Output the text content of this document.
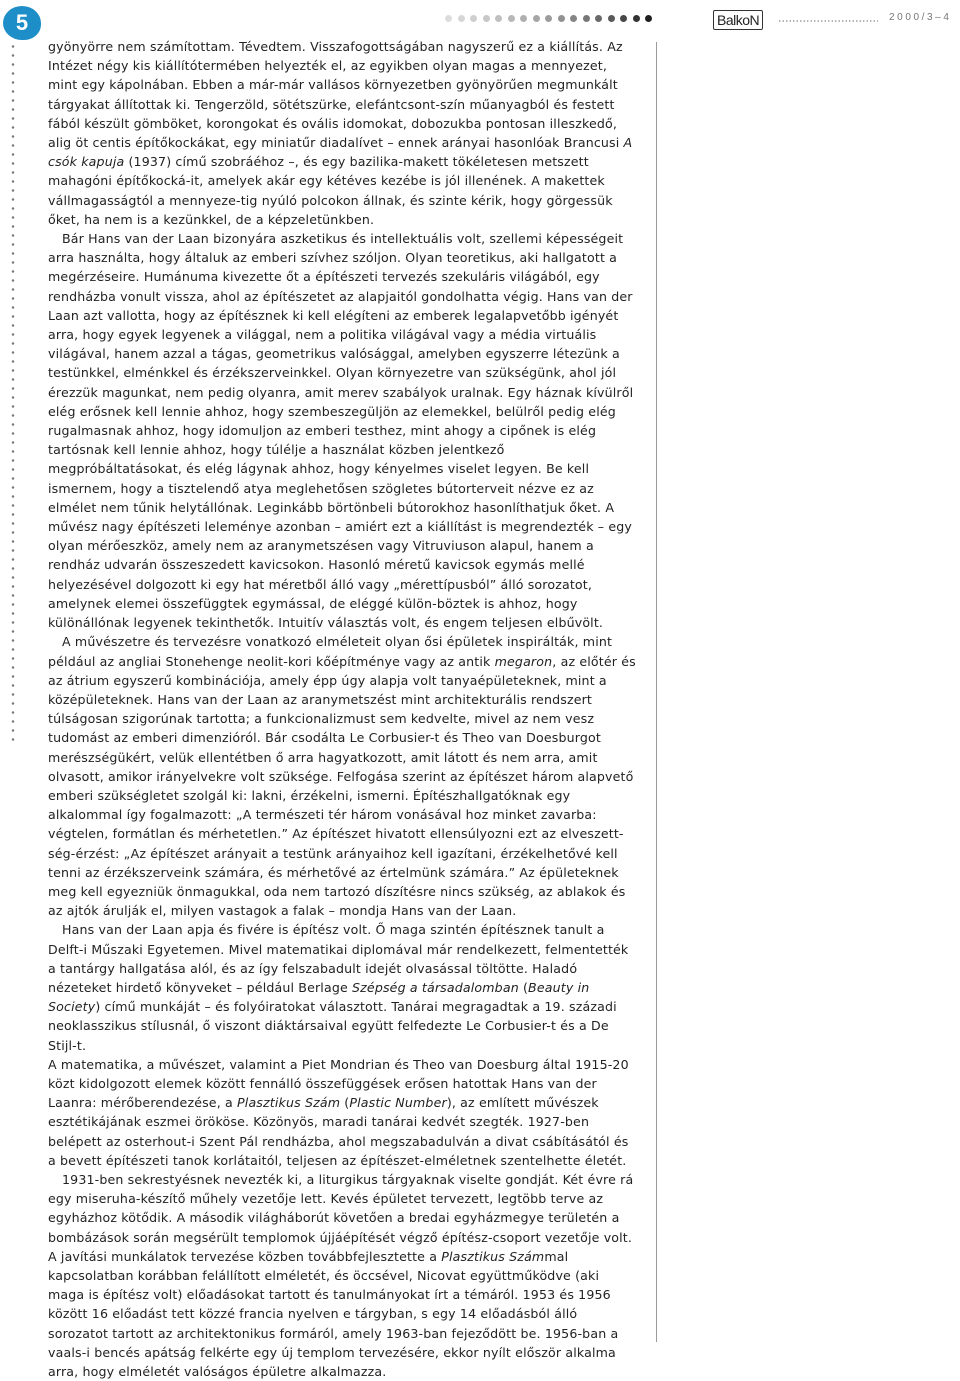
5	BalkoN	2000/3–4

gyönyörre nem számítottam. Tévedtem. Visszafogottságában nagyszerű ez a kiállítás. Az Intézet négy kis kiállítótermében helyezték el, az egyikben olyan magas a mennyezet, mint egy kápolnában. Ebben a már-már vallásos környezetben gyönyörűen megmunkált tárgyakat állítottak ki. Tengerzöld, sötétszürke, elefántcsont-szín műanyagból és festett fából készült gömböket, korongokat és ovális idomokat, dobozukba pontosan illeszkedő, alig öt centis építőkockákat, egy miniatűr diadalívet – ennek arányai hasonlóak Brancusi A csók kapuja (1937) című szobráéhoz –, és egy bazilika-makett tökéletesen metszett mahagóni építőkocká-it, amelyek akár egy kétéves kezébe is jól illenének. A makettek vállmagasságtól a mennyeze-tig nyúló polcokon állnak, és szinte kérik, hogy görgessük őket, ha nem is a kezünkkel, de a képzeletünkben.

Bár Hans van der Laan bizonyára aszketikus és intellektuális volt, szellemi képességeit arra használta, hogy általuk az emberi szívhez szóljon. Olyan teoretikus, aki hallgatott a megérzéseire. Humánuma kivezette őt a építészeti tervezés szekuláris világából, egy rendházba vonult vissza, ahol az építészetet az alapjaitól gondolhatta végig. Hans van der Laan azt vallotta, hogy az építésznek ki kell elégíteni az emberek legalapvetőbb igényét arra, hogy egyek legyenek a világgal, nem a politika világával vagy a média virtuális világával, hanem azzal a tágas, geometrikus valósággal, amelyben egyszerre létezünk a testünkkel, elménkkel és érzékszerveinkkel. Olyan környezetre van szükségünk, ahol jól érezzük magunkat, nem pedig olyanra, amit merev szabályok uralnak. Egy háznak kívülről elég erősnek kell lennie ahhoz, hogy szembeszegüljön az elemekkel, belülről pedig elég rugalmasnak ahhoz, hogy idomuljon az emberi testhez, mint ahogy a cipőnek is elég tartósnak kell lennie ahhoz, hogy túlélje a használat közben jelentkező megpróbáltatásokat, és elég lágynak ahhoz, hogy kényelmes viselet legyen. Be kell ismernem, hogy a tisztelendő atya meglehetősen szögletes bútorterveit nézve ez az elmélet nem tűnik helytállónak. Leginkább börtönbeli bútorokhoz hasonlíthatjuk őket. A művész nagy építészeti leleménye azonban – amiért ezt a kiállítást is megrendezték – egy olyan mérőeszköz, amely nem az aranymetszésen vagy Vitruviuson alapul, hanem a rendház udvarán összeszedett kavicsokon. Hasonló méretű kavicsok egymás mellé helyezésével dolgozott ki egy hat méretből álló vagy „mérettípusból” álló sorozatot, amelynek elemei összefüggtek egymással, de eléggé külön-böztek is ahhoz, hogy különállónak legyenek tekinthetők. Intuitív választás volt, és engem teljesen elbűvölt.

A művészetre és tervezésre vonatkozó elméleteit olyan ősi épületek inspirálták, mint például az angliai Stonehenge neolit-kori kőépítménye vagy az antik megaron, az előtér és az átrium egyszerű kombinációja, amely épp úgy alapja volt tanyaépületeknek, mint a középületeknek. Hans van der Laan az aranymetszést mint architekturális rendszert túlságosan szigorúnak tartotta; a funkcionalizmust sem kedvelte, mivel az nem vesz tudomást az emberi dimenzióról. Bár csodálta Le Corbusier-t és Theo van Doesburgot merészségükért, velük ellentétben ő arra hagyatkozott, amit látott és nem arra, amit olvasott, amikor irányelvekre volt szüksége. Felfogása szerint az építészet három alapvető emberi szükségletet szolgál ki: lakni, érzékelni, ismerni. Építészhallgatóknak egy alkalommal így fogalmazott: „A természeti tér három vonásával hoz minket zavarba: végtelen, formátlan és mérhetetlen.” Az építészet hivatott ellensúlyozni ezt az elveszett-ség-érzést: „Az építészet arányait a testünk arányaihoz kell igazítani, érzékelhetővé kell tenni az érzékszerveink számára, és mérhetővé az értelmünk számára.” Az épületeknek meg kell egyezniük önmagukkal, oda nem tartozó díszítésre nincs szükség, az ablakok és az ajtók árulják el, milyen vastagok a falak – mondja Hans van der Laan.

Hans van der Laan apja és fivére is építész volt. Ő maga szintén építésznek tanult a Delft-i Műszaki Egyetemen. Mivel matematikai diplomával már rendelkezett, felmentették a tantárgy hallgatása alól, és az így felszabadult idejét olvasással töltötte. Haladó nézeteket hirdető könyveket – például Berlage Szépség a társadalomban (Beauty in Society) című munkáját – és folyóiratokat választott. Tanárai megragadtak a 19. századi neoklasszikus stílusnál, ő viszont diáktársaival együtt felfedezte Le Corbusier-t és a De Stijl-t.

A matematika, a művészet, valamint a Piet Mondrian és Theo van Doesburg által 1915-20 közt kidolgozott elemek között fennálló összefüggések erősen hatottak Hans van der Laanra: mérőberendezése, a Plasztikus Szám (Plastic Number), az említett művészek esztétikájának eszmei örököse. Közönyös, maradi tanárai kedvét szegték. 1927-ben belépett az osterhout-i Szent Pál rendházba, ahol megszabadulván a divat csábításától és a bevett építészeti tanok korlátaitól, teljesen az építészet-elméletnek szentelhette életét.

1931-ben sekrestyésnek nevezték ki, a liturgikus tárgyaknak viselte gondját. Két évre rá egy miseruha-készítő műhely vezetője lett. Kevés épületet tervezett, legtöbb terve az egyházhoz kötődik. A második világháborút követően a bredai egyházmegye területén a bombázások során megsérült templomok újjáépítését végző építész-csoport vezetője volt. A javítási munkálatok tervezése közben továbbfejlesztette a Plasztikus Számmal kapcsolatban korábban felállított elméletét, és öccsével, Nicovat együttműködve (aki maga is építész volt) előadásokat tartott és tanulmányokat írt a témáról. 1953 és 1956 között 16 előadást tett közzé francia nyelven e tárgyban, s egy 14 előadásból álló sorozatot tartott az architektonikus formáról, amely 1963-ban fejeződött be. 1956-ban a vaals-i bencés apátság felkérte egy új templom tervezésére, ekkor nyílt először alkalma arra, hogy elméletét valóságos épületre alkalmazza.
